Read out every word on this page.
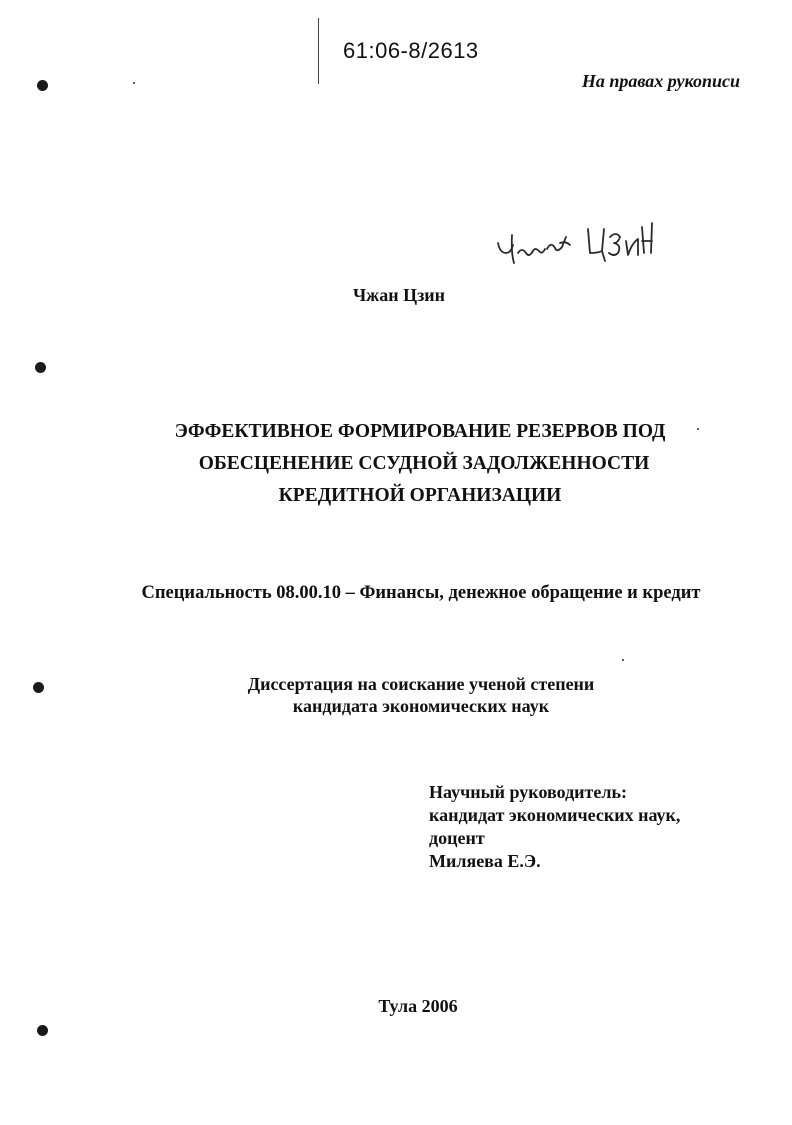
61:06-8/2613
На правах рукописи
Чжан Цзин
ЭФФЕКТИВНОЕ ФОРМИРОВАНИЕ РЕЗЕРВОВ ПОД
ОБЕСЦЕНЕНИЕ ССУДНОЙ ЗАДОЛЖЕННОСТИ
КРЕДИТНОЙ ОРГАНИЗАЦИИ
Специальность 08.00.10 – Финансы, денежное обращение и кредит
Диссертация на соискание ученой степени
кандидата экономических наук
Научный руководитель:
кандидат экономических наук,
доцент
Миляева Е.Э.
Тула 2006
